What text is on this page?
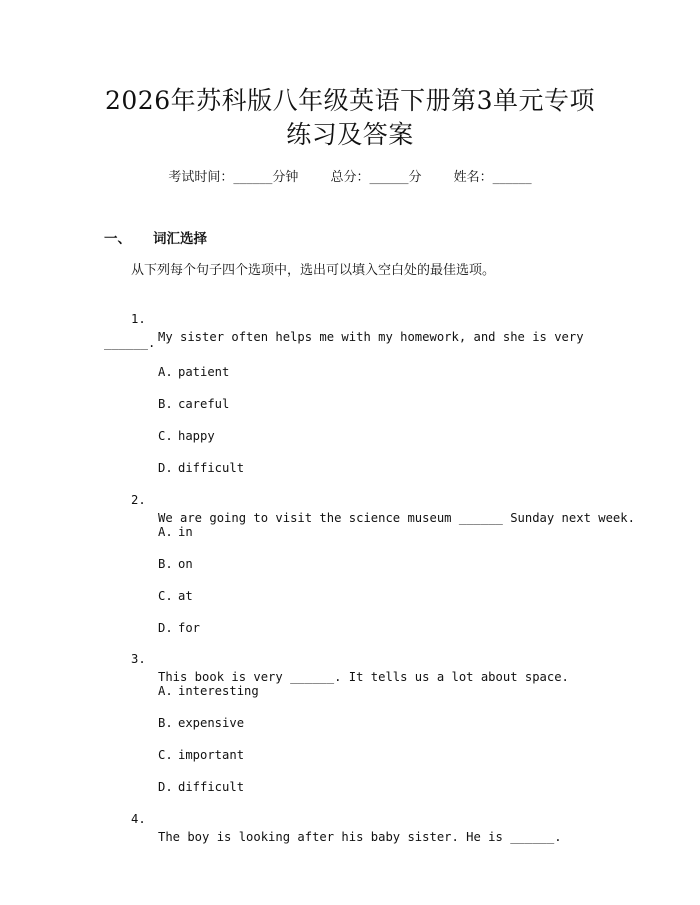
2026年苏科版八年级英语下册第3单元专项
练习及答案
考试时间：______分钟 总分：______分 姓名：______
一、 词汇选择
从下列每个句子四个选项中，选出可以填入空白处的最佳选项。

1.

My sister often helps me with my homework, and she is very

______.

A. patient

B. careful

C. happy

D. difficult

2.

We are going to visit the science museum ______ Sunday next week.

A. in

B. on

C. at

D. for

3.

This book is very ______. It tells us a lot about space.

A. interesting

B. expensive

C. important

D. difficult

4.

The boy is looking after his baby sister. He is ______.
